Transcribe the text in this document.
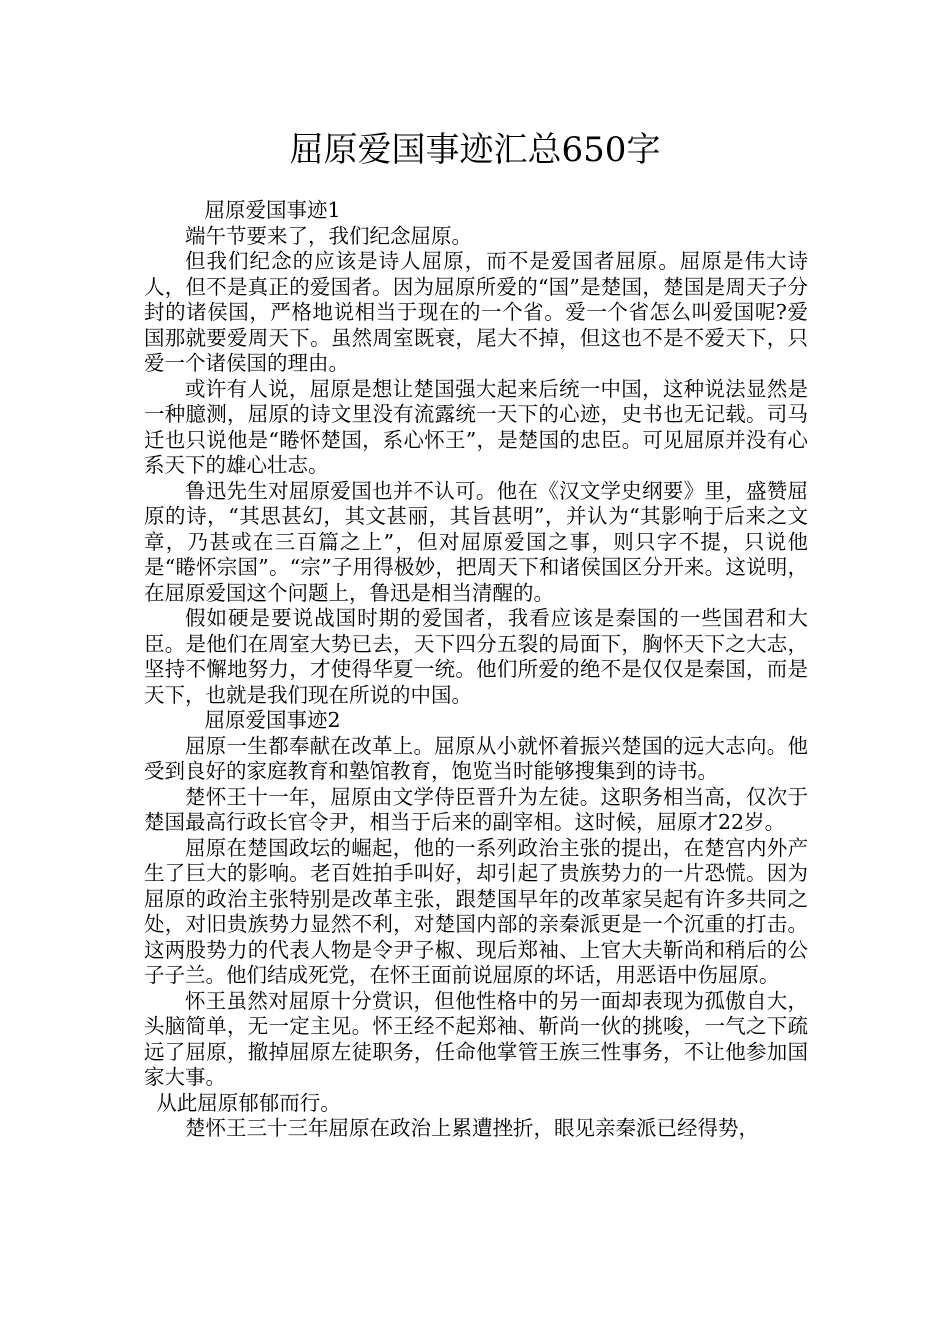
屈原爱国事迹汇总650字

屈原爱国事迹1

端午节要来了，我们纪念屈原。

但我们纪念的应该是诗人屈原，而不是爱国者屈原。屈原是伟大诗人，但不是真正的爱国者。因为屈原所爱的“国”是楚国，楚国是周天子分封的诸侯国，严格地说相当于现在的一个省。爱一个省怎么叫爱国呢?爱国那就要爱周天下。虽然周室既衰，尾大不掉，但这也不是不爱天下，只爱一个诸侯国的理由。

或许有人说，屈原是想让楚国强大起来后统一中国，这种说法显然是一种臆测，屈原的诗文里没有流露统一天下的心迹，史书也无记载。司马迁也只说他是“睠怀楚国，系心怀王”，是楚国的忠臣。可见屈原并没有心系天下的雄心壮志。

鲁迅先生对屈原爱国也并不认可。他在《汉文学史纲要》里，盛赞屈原的诗，“其思甚幻，其文甚丽，其旨甚明”，并认为“其影响于后来之文章，乃甚或在三百篇之上”，但对屈原爱国之事，则只字不提，只说他是“睠怀宗国”。“宗”子用得极妙，把周天下和诸侯国区分开来。这说明，在屈原爱国这个问题上，鲁迅是相当清醒的。

假如硬是要说战国时期的爱国者，我看应该是秦国的一些国君和大臣。是他们在周室大势已去，天下四分五裂的局面下，胸怀天下之大志，坚持不懈地努力，才使得华夏一统。他们所爱的绝不是仅仅是秦国，而是天下，也就是我们现在所说的中国。

屈原爱国事迹2

屈原一生都奉献在改革上。屈原从小就怀着振兴楚国的远大志向。他受到良好的家庭教育和塾馆教育，饱览当时能够搜集到的诗书。

楚怀王十一年，屈原由文学侍臣晋升为左徒。这职务相当高，仅次于楚国最高行政长官令尹，相当于后来的副宰相。这时候，屈原才22岁。

屈原在楚国政坛的崛起，他的一系列政治主张的提出，在楚宫内外产生了巨大的影响。老百姓拍手叫好，却引起了贵族势力的一片恐慌。因为屈原的政治主张特别是改革主张，跟楚国早年的改革家吴起有许多共同之处，对旧贵族势力显然不利，对楚国内部的亲秦派更是一个沉重的打击。这两股势力的代表人物是令尹子椒、现后郑袖、上官大夫靳尚和稍后的公子子兰。他们结成死党，在怀王面前说屈原的坏话，用恶语中伤屈原。

怀王虽然对屈原十分赏识，但他性格中的另一面却表现为孤傲自大，头脑简单，无一定主见。怀王经不起郑袖、靳尚一伙的挑唆，一气之下疏远了屈原，撤掉屈原左徒职务，任命他掌管王族三性事务，不让他参加国家大事。

从此屈原郁郁而行。

楚怀王三十三年屈原在政治上累遭挫折，眼见亲秦派已经得势，
